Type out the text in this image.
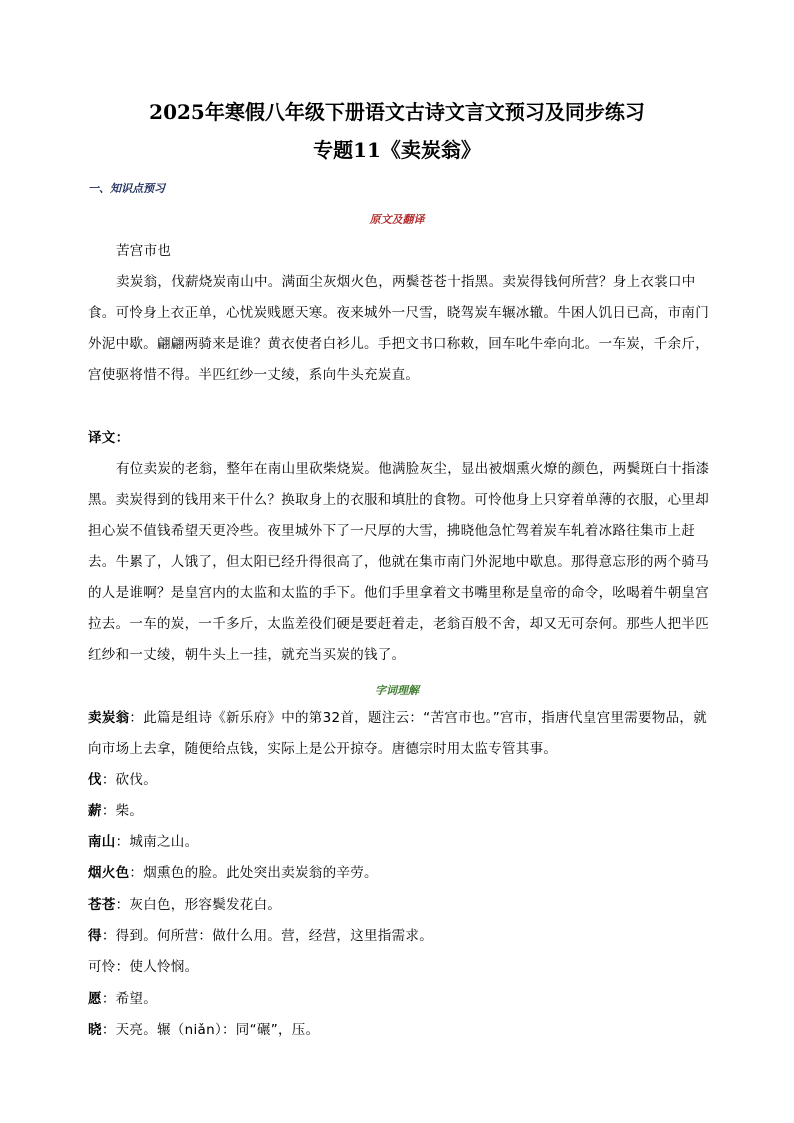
2025年寒假八年级下册语文古诗文言文预习及同步练习
专题11《卖炭翁》
一、知识点预习
原文及翻译
苦宫市也
卖炭翁，伐薪烧炭南山中。满面尘灰烟火色，两鬓苍苍十指黑。卖炭得钱何所营？身上衣裳口中食。可怜身上衣正单，心忧炭贱愿天寒。夜来城外一尺雪，晓驾炭车辗冰辙。牛困人饥日已高，市南门外泥中歇。翩翩两骑来是谁？黄衣使者白衫儿。手把文书口称敕，回车叱牛牵向北。一车炭，千余斤，宫使驱将惜不得。半匹红纱一丈绫，系向牛头充炭直。
译文：
有位卖炭的老翁，整年在南山里砍柴烧炭。他满脸灰尘，显出被烟熏火燎的颜色，两鬓斑白十指漆黑。卖炭得到的钱用来干什么？换取身上的衣服和填肚的食物。可怜他身上只穿着单薄的衣服，心里却担心炭不值钱希望天更冷些。夜里城外下了一尺厚的大雪，拂晓他急忙驾着炭车轧着冰路往集市上赶去。牛累了，人饿了，但太阳已经升得很高了，他就在集市南门外泥地中歇息。那得意忘形的两个骑马的人是谁啊？是皇宫内的太监和太监的手下。他们手里拿着文书嘴里称是皇帝的命令，吆喝着牛朝皇宫拉去。一车的炭，一千多斤，太监差役们硬是要赶着走，老翁百般不舍，却又无可奈何。那些人把半匹红纱和一丈绫，朝牛头上一挂，就充当买炭的钱了。
字词理解
卖炭翁：此篇是组诗《新乐府》中的第32首，题注云：“苦宫市也。”宫市，指唐代皇宫里需要物品，就向市场上去拿，随便给点钱，实际上是公开掠夺。唐德宗时用太监专管其事。
伐：砍伐。
薪：柴。
南山：城南之山。
烟火色：烟熏色的脸。此处突出卖炭翁的辛劳。
苍苍：灰白色，形容鬓发花白。
得：得到。何所营：做什么用。营，经营，这里指需求。
可怜：使人怜悯。
愿：希望。
晓：天亮。辗（niǎn）：同“碾”，压。
